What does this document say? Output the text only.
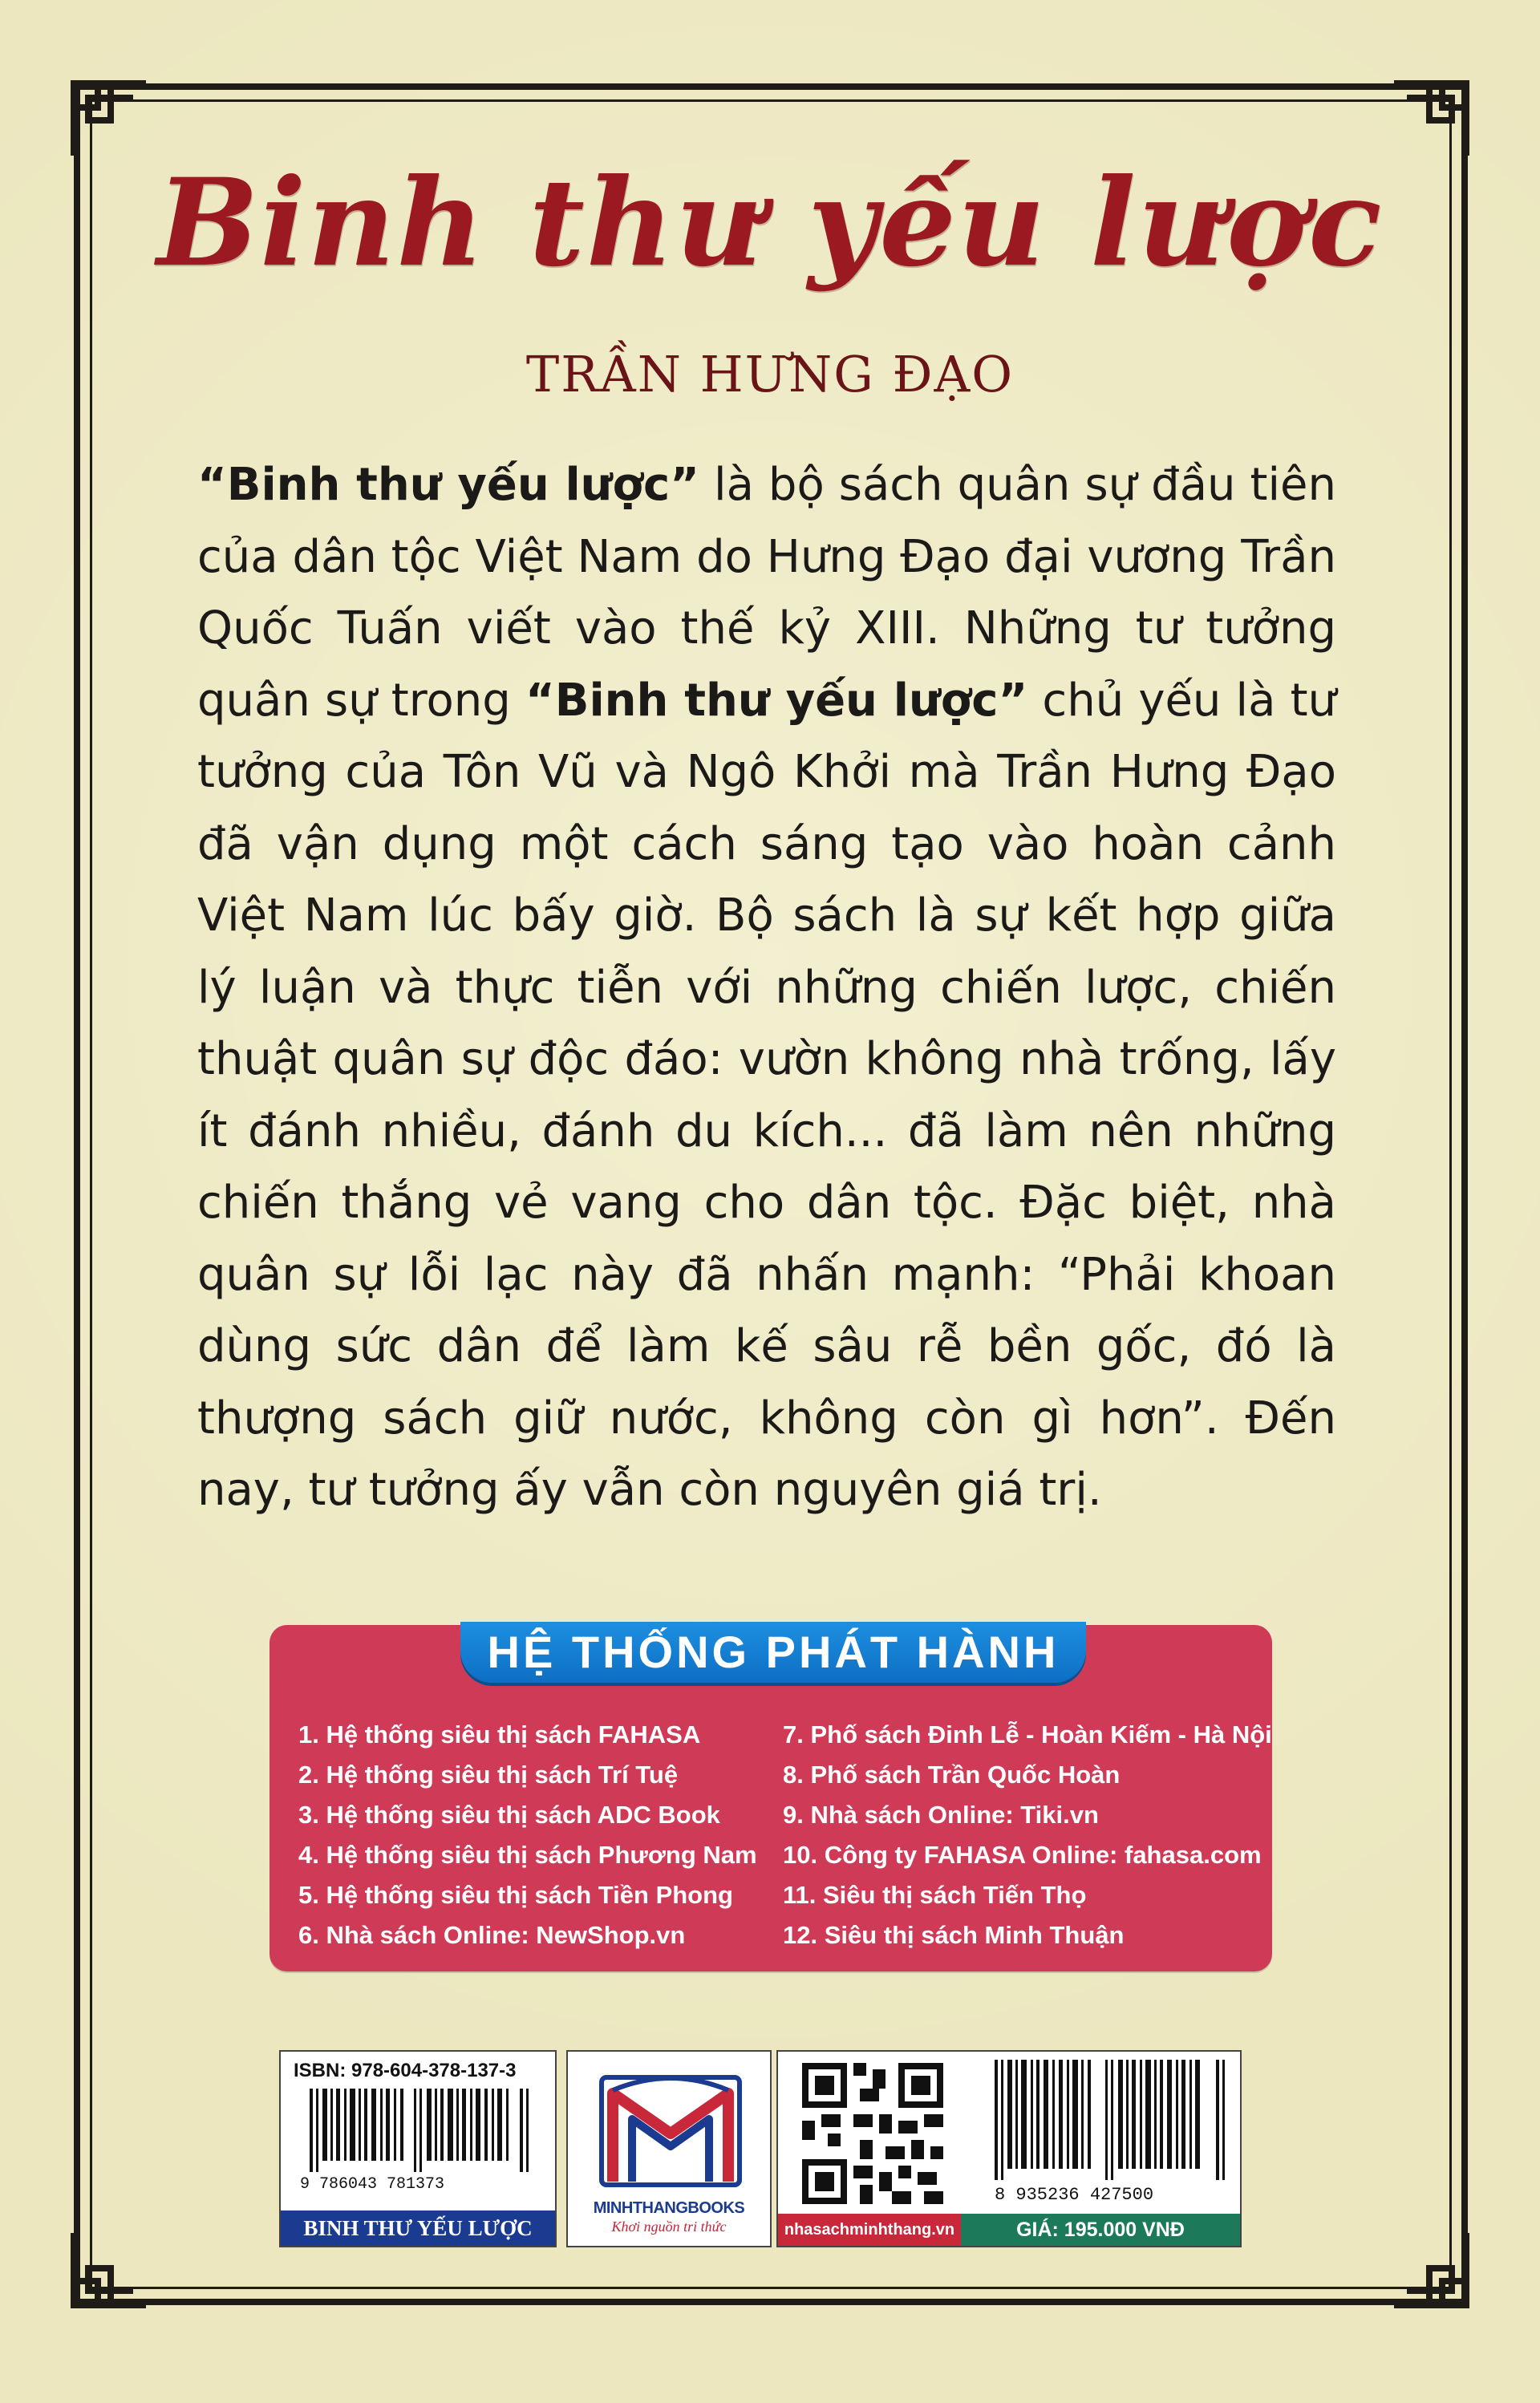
Binh thư yếu lược
TRẦN HƯNG ĐẠO
“Binh thư yếu lược” là bộ sách quân sự đầu tiên của dân tộc Việt Nam do Hưng Đạo đại vương Trần Quốc Tuấn viết vào thế kỷ XIII. Những tư tưởng quân sự trong “Binh thư yếu lược” chủ yếu là tư tưởng của Tôn Vũ và Ngô Khởi mà Trần Hưng Đạo đã vận dụng một cách sáng tạo vào hoàn cảnh Việt Nam lúc bấy giờ. Bộ sách là sự kết hợp giữa lý luận và thực tiễn với những chiến lược, chiến thuật quân sự độc đáo: vườn không nhà trống, lấy ít đánh nhiều, đánh du kích... đã làm nên những chiến thắng vẻ vang cho dân tộc. Đặc biệt, nhà quân sự lỗi lạc này đã nhấn mạnh: “Phải khoan dùng sức dân để làm kế sâu rễ bền gốc, đó là thượng sách giữ nước, không còn gì hơn”. Đến nay, tư tưởng ấy vẫn còn nguyên giá trị.
HỆ THỐNG PHÁT HÀNH
1. Hệ thống siêu thị sách FAHASA
2. Hệ thống siêu thị sách Trí Tuệ
3. Hệ thống siêu thị sách ADC Book
4. Hệ thống siêu thị sách Phương Nam
5. Hệ thống siêu thị sách Tiền Phong
6. Nhà sách Online: NewShop.vn
7. Phố sách Đinh Lễ - Hoàn Kiếm - Hà Nội
8. Phố sách Trần Quốc Hoàn
9. Nhà sách Online: Tiki.vn
10. Công ty FAHASA Online: fahasa.com
11. Siêu thị sách Tiến Thọ
12. Siêu thị sách Minh Thuận
ISBN: 978-604-378-137-3
9 786043 781373
BINH THƯ YẾU LƯỢC
MINHTHANGBOOKS
Khơi nguồn tri thức
8 935236 427500
nhasachminhthang.vn	GIÁ: 195.000 VNĐ
